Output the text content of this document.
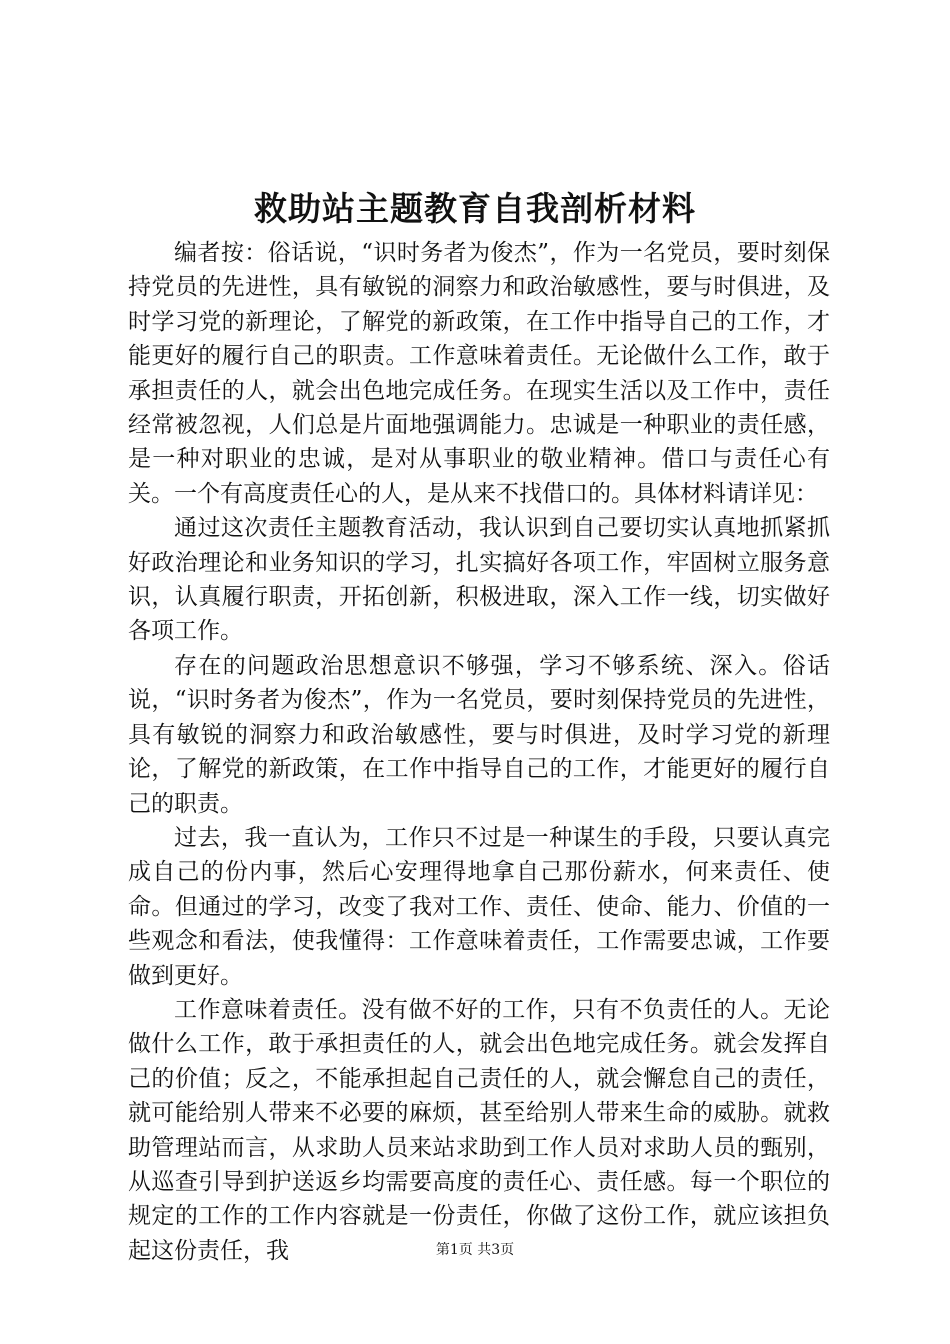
救助站主题教育自我剖析材料

编者按：俗话说，“识时务者为俊杰”，作为一名党员，要时刻保持党员的先进性，具有敏锐的洞察力和政治敏感性，要与时俱进，及时学习党的新理论，了解党的新政策，在工作中指导自己的工作，才能更好的履行自己的职责。工作意味着责任。无论做什么工作，敢于承担责任的人，就会出色地完成任务。在现实生活以及工作中，责任经常被忽视，人们总是片面地强调能力。忠诚是一种职业的责任感，是一种对职业的忠诚，是对从事职业的敬业精神。借口与责任心有关。一个有高度责任心的人，是从来不找借口的。具体材料请详见：

通过这次责任主题教育活动，我认识到自己要切实认真地抓紧抓好政治理论和业务知识的学习，扎实搞好各项工作，牢固树立服务意识，认真履行职责，开拓创新，积极进取，深入工作一线，切实做好各项工作。

存在的问题政治思想意识不够强，学习不够系统、深入。俗话说，“识时务者为俊杰”，作为一名党员，要时刻保持党员的先进性，具有敏锐的洞察力和政治敏感性，要与时俱进，及时学习党的新理论，了解党的新政策，在工作中指导自己的工作，才能更好的履行自己的职责。

过去，我一直认为，工作只不过是一种谋生的手段，只要认真完成自己的份内事，然后心安理得地拿自己那份薪水，何来责任、使命。但通过的学习，改变了我对工作、责任、使命、能力、价值的一些观念和看法，使我懂得：工作意味着责任，工作需要忠诚，工作要做到更好。

工作意味着责任。没有做不好的工作，只有不负责任的人。无论做什么工作，敢于承担责任的人，就会出色地完成任务。就会发挥自己的价值；反之，不能承担起自己责任的人，就会懈怠自己的责任，就可能给别人带来不必要的麻烦，甚至给别人带来生命的威胁。就救助管理站而言，从求助人员来站求助到工作人员对求助人员的甄别，从巡查引导到护送返乡均需要高度的责任心、责任感。每一个职位的规定的工作的工作内容就是一份责任，你做了这份工作，就应该担负起这份责任，我	第1页 共3页
